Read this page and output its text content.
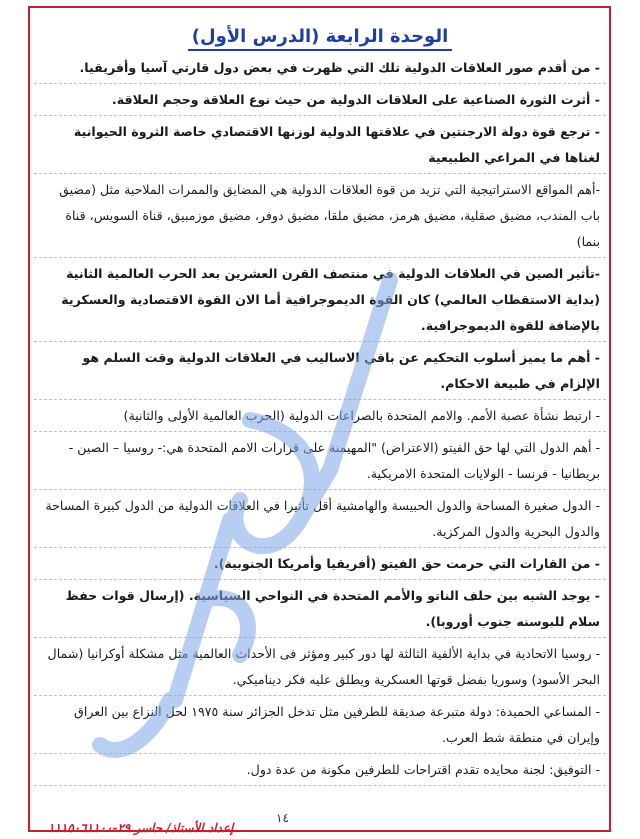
الوحدة الرابعة (الدرس الأول)
- من أقدم صور العلاقات الدولية تلك التي ظهرت في بعض دول قارتي آسيا وأفريقيا.
- أثرت الثورة الصناعية على العلاقات الدولية من حيث نوع العلاقة وحجم العلاقة.
- ترجع قوة دولة الارجنتين في علاقتها الدولية لوزنها الاقتصادي خاصة الثروة الحيوانية لغناها في المراعي الطبيعية
-أهم المواقع الاستراتيجية التي تزيد من قوة العلاقات الدولية هي المضايق والممرات الملاحية مثل (مضيق باب المندب، مضيق صقلية، مضيق هرمز، مضيق ملقا، مضيق دوفر، مضيق موزمبيق، قناة السويس، قناة بنما)
-تأثير الصين في العلاقات الدولية في منتصف القرن العشرين بعد الحرب العالمية الثانية (بداية الاستقطاب العالمي) كان القوة الديموجرافية أما الان القوة الاقتصادية والعسكرية بالإضافة للقوة الديموجرافية.
- أهم ما يميز أسلوب التحكيم عن باقي الاساليب في العلاقات الدولية وقت السلم هو الإلزام في طبيعة الاحكام.
- ارتبط نشأة عصبة الأمم. والامم المتحدة بالصراعات الدولية (الحرب العالمية الأولى والثانية)
- أهم الدول التي لها حق الفيتو (الاعتراض) "المهيمنة على قرارات الامم المتحدة هي:- روسيا – الصين - بريطانيا - فرنسا - الولايات المتحدة الامريكية.
- الدول صغيرة المساحة والدول الحبيسة والهامشية أقل تأثيرا في العلاقات الدولية من الدول كبيرة المساحة والدول البحرية والدول المركزية.
- من القارات التي حرمت حق الفيتو (أفريقيا وأمريكا الجنوبية).
- يوجد الشبه بين حلف الناتو والأمم المتحدة في النواحي السياسية. (إرسال قوات حفظ سلام للبوسنه جنوب أوروبا).
- روسيا الاتحادية في بداية الألفية الثالثة لها دور كبير ومؤثر فى الأحداث العالمية مثل مشكلة أوكرانيا (شمال البحر الأسود) وسوريا بفضل قوتها العسكرية ويطلق عليه فكر ديناميكي.
- المساعي الحميدة: دولة متبرعة صديقة للطرفين مثل تدخل الجزائر سنة ١٩٧٥ لحل النزاع بين العراق وإيران في منطقة شط العرب.
- التوفيق: لجنة محايده تقدم اقتراحات للطرفين مكونة من عدة دول.
١٤
إعداد الأستاذ/ حاسر ٢٩-١١١٥٠٦١١٠٠
